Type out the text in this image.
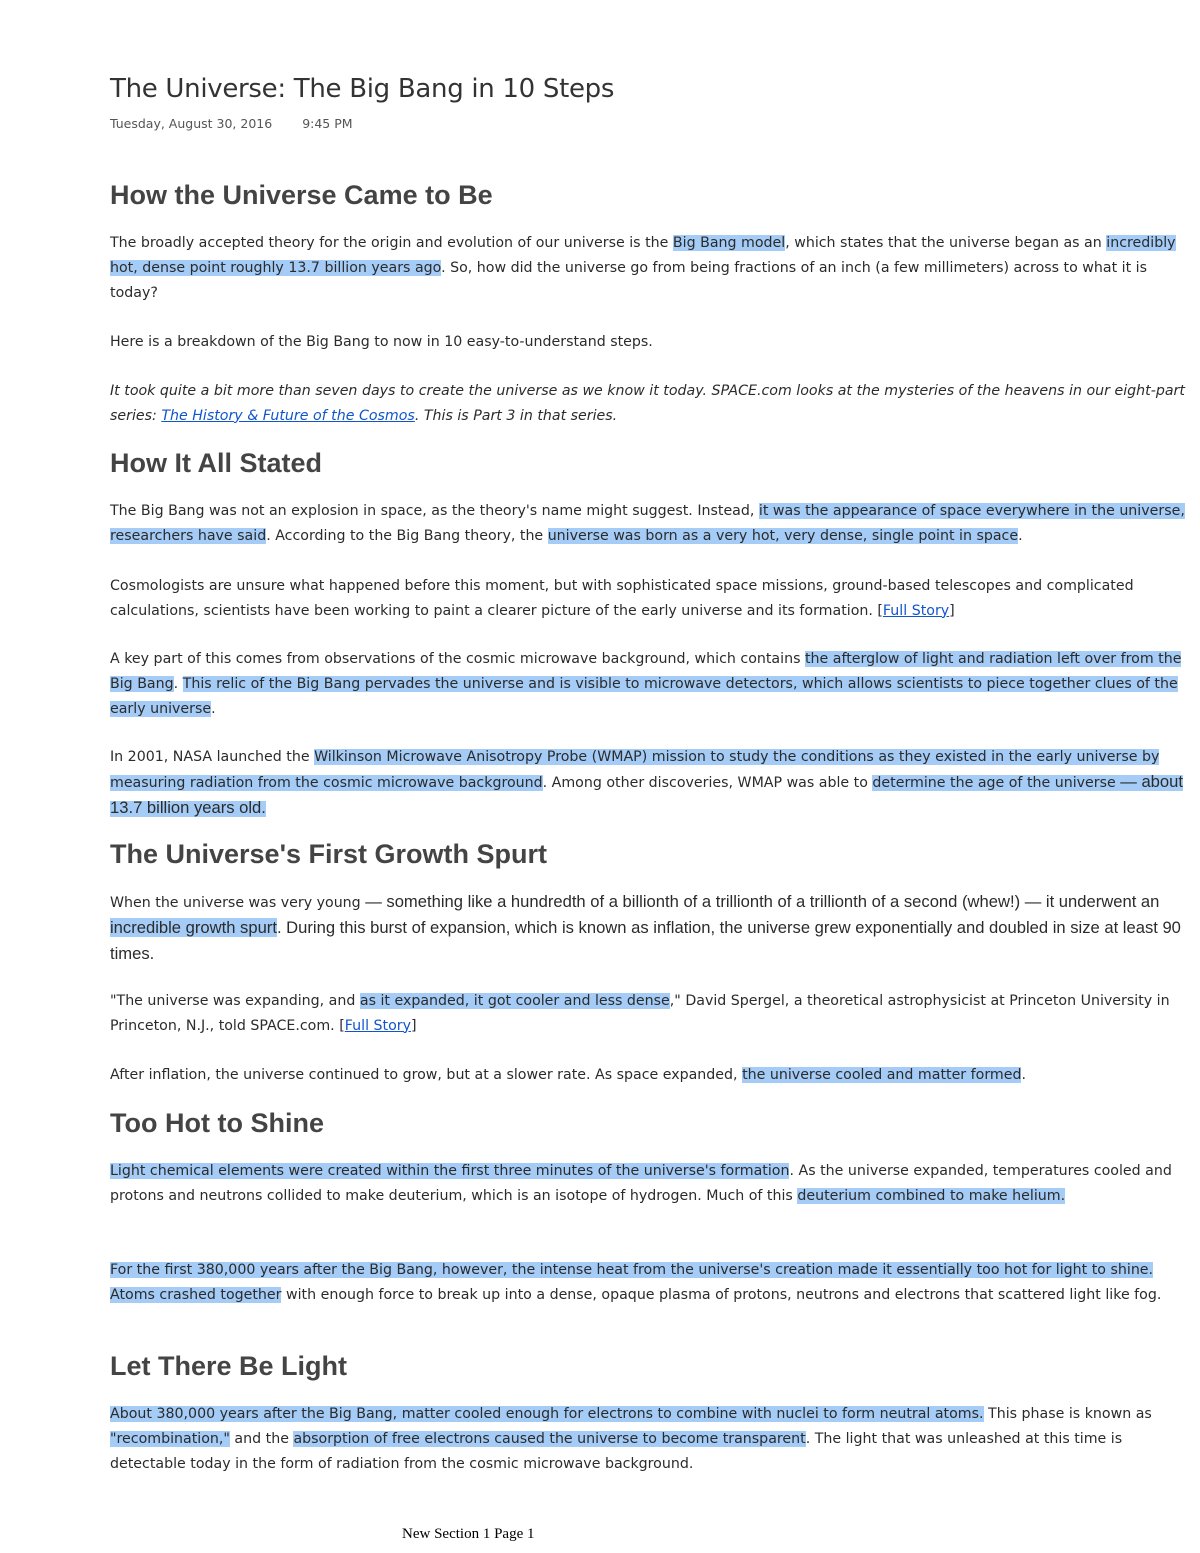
The Universe: The Big Bang in 10 Steps
Tuesday, August 30, 2016 9:45 PM
How the Universe Came to Be

The broadly accepted theory for the origin and evolution of our universe is the Big Bang model, which states that the universe began as an incredibly hot, dense point roughly 13.7 billion years ago. So, how did the universe go from being fractions of an inch (a few millimeters) across to what it is today?

Here is a breakdown of the Big Bang to now in 10 easy-to-understand steps.

It took quite a bit more than seven days to create the universe as we know it today. SPACE.com looks at the mysteries of the heavens in our eight-part series: The History & Future of the Cosmos. This is Part 3 in that series.

How It All Stated

The Big Bang was not an explosion in space, as the theory's name might suggest. Instead, it was the appearance of space everywhere in the universe, researchers have said. According to the Big Bang theory, the universe was born as a very hot, very dense, single point in space.

Cosmologists are unsure what happened before this moment, but with sophisticated space missions, ground-based telescopes and complicated calculations, scientists have been working to paint a clearer picture of the early universe and its formation. [Full Story]

A key part of this comes from observations of the cosmic microwave background, which contains the afterglow of light and radiation left over from the Big Bang. This relic of the Big Bang pervades the universe and is visible to microwave detectors, which allows scientists to piece together clues of the early universe.

In 2001, NASA launched the Wilkinson Microwave Anisotropy Probe (WMAP) mission to study the conditions as they existed in the early universe by measuring radiation from the cosmic microwave background. Among other discoveries, WMAP was able to determine the age of the universe — about 13.7 billion years old.

The Universe's First Growth Spurt

When the universe was very young — something like a hundredth of a billionth of a trillionth of a trillionth of a second (whew!) — it underwent an incredible growth spurt. During this burst of expansion, which is known as inflation, the universe grew exponentially and doubled in size at least 90 times.

"The universe was expanding, and as it expanded, it got cooler and less dense," David Spergel, a theoretical astrophysicist at Princeton University in Princeton, N.J., told SPACE.com. [Full Story]

After inflation, the universe continued to grow, but at a slower rate. As space expanded, the universe cooled and matter formed.

Too Hot to Shine

Light chemical elements were created within the first three minutes of the universe's formation. As the universe expanded, temperatures cooled and protons and neutrons collided to make deuterium, which is an isotope of hydrogen. Much of this deuterium combined to make helium.

For the first 380,000 years after the Big Bang, however, the intense heat from the universe's creation made it essentially too hot for light to shine. Atoms crashed together with enough force to break up into a dense, opaque plasma of protons, neutrons and electrons that scattered light like fog.

Let There Be Light

About 380,000 years after the Big Bang, matter cooled enough for electrons to combine with nuclei to form neutral atoms. This phase is known as "recombination," and the absorption of free electrons caused the universe to become transparent. The light that was unleashed at this time is detectable today in the form of radiation from the cosmic microwave background.

New Section 1 Page 1
